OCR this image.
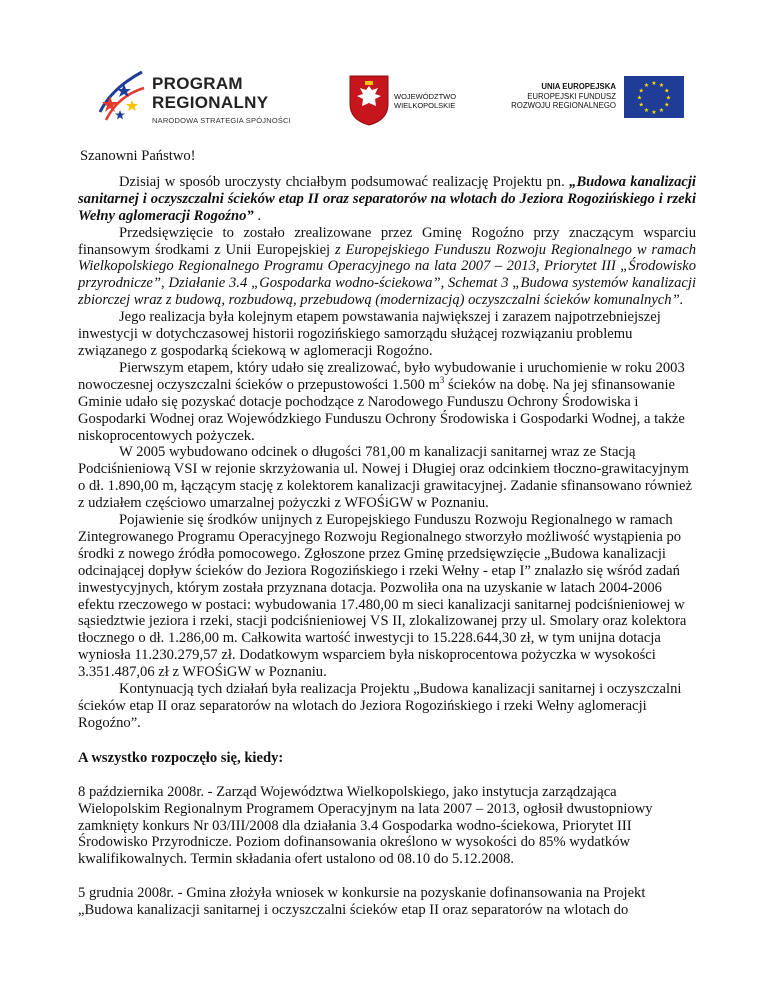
PROGRAM
REGIONALNY
NARODOWA STRATEGIA SPÓJNOŚCI
WOJEWÓDZTWO
WIELKOPOLSKIE
UNIA EUROPEJSKA
EUROPEJSKI FUNDUSZ
ROZWOJU REGIONALNEGO
★ ★
★
★
★
★
★
★
★
★
★
★

Szanowni Państwo!

Dzisiaj w sposób uroczysty chciałbym podsumować realizację Projektu pn. „Budowa kanalizacji sanitarnej i oczyszczalni ścieków etap II oraz separatorów na wlotach do Jeziora Rogozińskiego i rzeki Wełny aglomeracji Rogoźno” .

Przedsięwzięcie to zostało zrealizowane przez Gminę Rogoźno przy znaczącym wsparciu finansowym środkami z Unii Europejskiej z Europejskiego Funduszu Rozwoju Regionalnego w ramach Wielkopolskiego Regionalnego Programu Operacyjnego na lata 2007 – 2013, Priorytet III „Środowisko przyrodnicze”, Działanie 3.4 „Gospodarka wodno-ściekowa”, Schemat 3 „Budowa systemów kanalizacji zbiorczej wraz z budową, rozbudową, przebudową (modernizacją) oczyszczalni ścieków komunalnych”.

Jego realizacja była kolejnym etapem powstawania największej i zarazem najpotrzebniejszej inwestycji w dotychczasowej historii rogozińskiego samorządu służącej rozwiązaniu problemu związanego z gospodarką ściekową w aglomeracji Rogoźno.

Pierwszym etapem, który udało się zrealizować, było wybudowanie i uruchomienie w roku 2003 nowoczesnej oczyszczalni ścieków o przepustowości 1.500 $m^3$ ścieków na dobę. Na jej sfinansowanie Gminie udało się pozyskać dotacje pochodzące z Narodowego Funduszu Ochrony Środowiska i Gospodarki Wodnej oraz Wojewódzkiego Funduszu Ochrony Środowiska i Gospodarki Wodnej, a także niskoprocentowych pożyczek.

W 2005 wybudowano odcinek o długości 781,00 m kanalizacji sanitarnej wraz ze Stacją Podciśnieniową VSI w rejonie skrzyżowania ul. Nowej i Długiej oraz odcinkiem tłoczno-grawitacyjnym o dł. 1.890,00 m, łączącym stację z kolektorem kanalizacji grawitacyjnej. Zadanie sfinansowano również z udziałem częściowo umarzalnej pożyczki z WFOŚiGW w Poznaniu.

Pojawienie się środków unijnych z Europejskiego Funduszu Rozwoju Regionalnego w ramach Zintegrowanego Programu Operacyjnego Rozwoju Regionalnego stworzyło możliwość wystąpienia po środki z nowego źródła pomocowego. Zgłoszone przez Gminę przedsięwzięcie „Budowa kanalizacji odcinającej dopływ ścieków do Jeziora Rogozińskiego i rzeki Wełny - etap I” znalazło się wśród zadań inwestycyjnych, którym została przyznana dotacja. Pozwoliła ona na uzyskanie w latach 2004-2006 efektu rzeczowego w postaci: wybudowania 17.480,00 m sieci kanalizacji sanitarnej podciśnieniowej w sąsiedztwie jeziora i rzeki, stacji podciśnieniowej VS II, zlokalizowanej przy ul. Smolary oraz kolektora tłocznego o dł. 1.286,00 m. Całkowita wartość inwestycji to 15.228.644,30 zł, w tym unijna dotacja wyniosła 11.230.279,57 zł. Dodatkowym wsparciem była niskoprocentowa pożyczka w wysokości 3.351.487,06 zł z WFOŚiGW w Poznaniu.

Kontynuacją tych działań była realizacja Projektu „Budowa kanalizacji sanitarnej i oczyszczalni ścieków etap II oraz separatorów na wlotach do Jeziora Rogozińskiego i rzeki Wełny aglomeracji Rogoźno”.

A wszystko rozpoczęło się, kiedy:

8 października 2008r. - Zarząd Województwa Wielkopolskiego, jako instytucja zarządzająca Wielopolskim Regionalnym Programem Operacyjnym na lata 2007 – 2013, ogłosił dwustopniowy zamknięty konkurs Nr 03/III/2008 dla działania 3.4 Gospodarka wodno-ściekowa, Priorytet III Środowisko Przyrodnicze. Poziom dofinansowania określono w wysokości do 85% wydatków kwalifikowalnych. Termin składania ofert ustalono od 08.10 do 5.12.2008.

5 grudnia 2008r. - Gmina złożyła wniosek w konkursie na pozyskanie dofinansowania na Projekt „Budowa kanalizacji sanitarnej i oczyszczalni ścieków etap II oraz separatorów na wlotach do
